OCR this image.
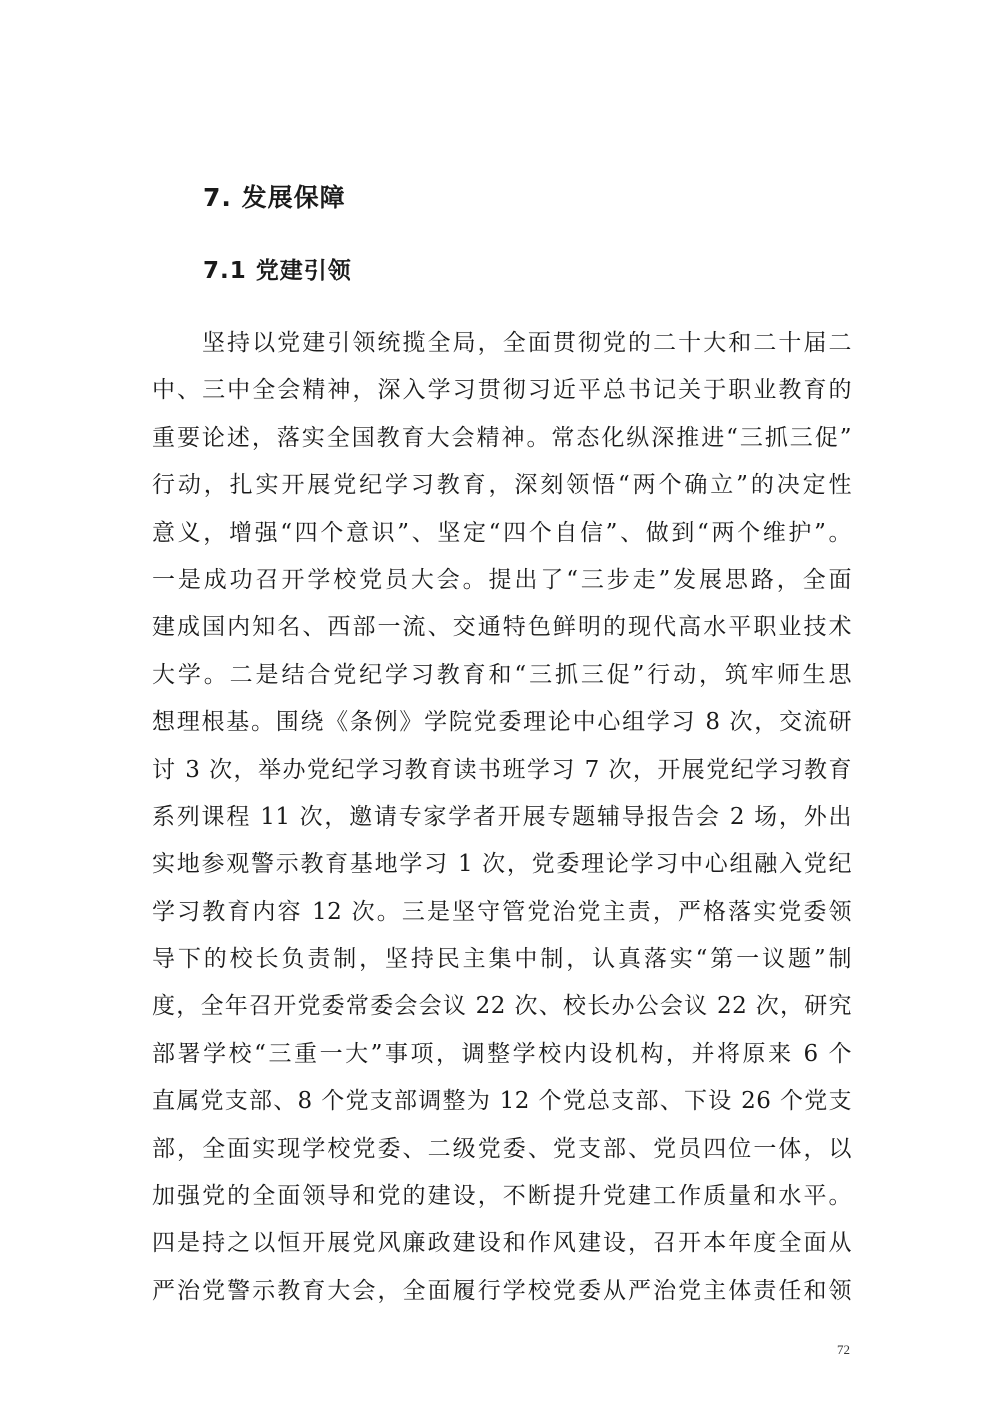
7. 发展保障
7.1 党建引领
坚持以党建引领统揽全局，全面贯彻党的二十大和二十届二
中、三中全会精神，深入学习贯彻习近平总书记关于职业教育的
重要论述，落实全国教育大会精神。常态化纵深推进“三抓三促”
行动，扎实开展党纪学习教育，深刻领悟“两个确立”的决定性
意义，增强“四个意识”、坚定“四个自信”、做到“两个维护”。
一是成功召开学校党员大会。提出了“三步走”发展思路，全面
建成国内知名、西部一流、交通特色鲜明的现代高水平职业技术
大学。二是结合党纪学习教育和“三抓三促”行动，筑牢师生思
想理根基。围绕《条例》学院党委理论中心组学习 8 次，交流研
讨 3 次，举办党纪学习教育读书班学习 7 次，开展党纪学习教育
系列课程 11 次，邀请专家学者开展专题辅导报告会 2 场，外出
实地参观警示教育基地学习 1 次，党委理论学习中心组融入党纪
学习教育内容 12 次。三是坚守管党治党主责，严格落实党委领
导下的校长负责制，坚持民主集中制，认真落实“第一议题”制
度，全年召开党委常委会会议 22 次、校长办公会议 22 次，研究
部署学校“三重一大”事项，调整学校内设机构，并将原来 6 个
直属党支部、8 个党支部调整为 12 个党总支部、下设 26 个党支
部，全面实现学校党委、二级党委、党支部、党员四位一体，以
加强党的全面领导和党的建设，不断提升党建工作质量和水平。
四是持之以恒开展党风廉政建设和作风建设，召开本年度全面从
严治党警示教育大会，全面履行学校党委从严治党主体责任和领
72
